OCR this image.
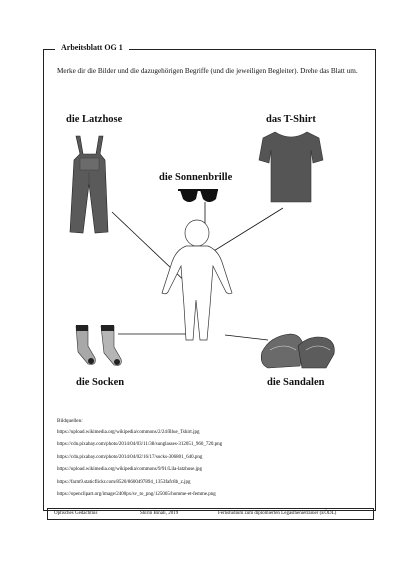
Arbeitsblatt OG 1
Merke dir die Bilder und die dazugehörigen Begriffe (und die jeweiligen Begleiter). Drehe das Blatt um.
die Latzhose	das T-Shirt
die Sonnenbrille
die Socken	die Sandalen
Bildquellen:
https://upload.wikimedia.org/wikipedia/commons/2/24/Blue_Tshirt.jpg
https://cdn.pixabay.com/photo/2014/04/03/11/38/sunglasses-312051_960_720.png
https://cdn.pixabay.com/photo/2014/04/02/16/17/socks-306801_640.png
https://upload.wikimedia.org/wikipedia/commons/9/91/Lila-latzhose.jpg
https://farm9.staticflickr.com/8520/8600497894_1353fafc8b_z.jpg
https://openclipart.org/image/2400px/sv_to_png/125065/homme-et-femme.png
Optisches Gedächtnis	Shirin Binali, 2019	Fernstudium zum diplomierten Legasthenietrainer (EÖDL)
